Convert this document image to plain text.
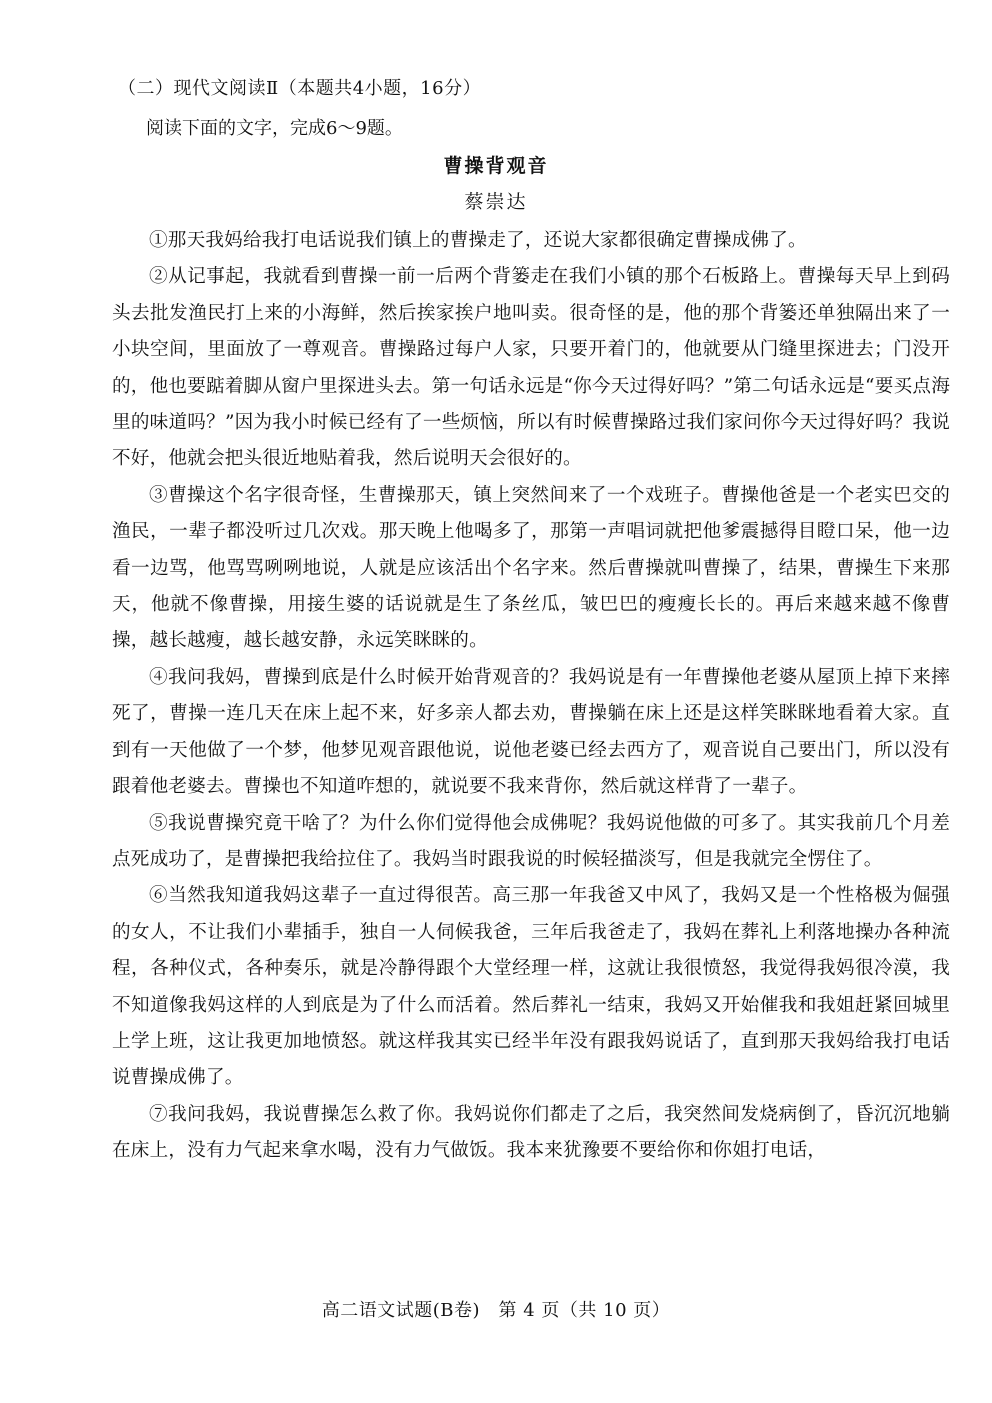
（二）现代文阅读Ⅱ（本题共4小题，16分）
阅读下面的文字，完成6～9题。
曹操背观音
蔡崇达

①那天我妈给我打电话说我们镇上的曹操走了，还说大家都很确定曹操成佛了。

②从记事起，我就看到曹操一前一后两个背篓走在我们小镇的那个石板路上。曹操每天早上到码头去批发渔民打上来的小海鲜，然后挨家挨户地叫卖。很奇怪的是，他的那个背篓还单独隔出来了一小块空间，里面放了一尊观音。曹操路过每户人家，只要开着门的，他就要从门缝里探进去；门没开的，他也要踮着脚从窗户里探进头去。第一句话永远是“你今天过得好吗？”第二句话永远是“要买点海里的味道吗？”因为我小时候已经有了一些烦恼，所以有时候曹操路过我们家问你今天过得好吗？我说不好，他就会把头很近地贴着我，然后说明天会很好的。

③曹操这个名字很奇怪，生曹操那天，镇上突然间来了一个戏班子。曹操他爸是一个老实巴交的渔民，一辈子都没听过几次戏。那天晚上他喝多了，那第一声唱词就把他爹震撼得目瞪口呆，他一边看一边骂，他骂骂咧咧地说，人就是应该活出个名字来。然后曹操就叫曹操了，结果，曹操生下来那天，他就不像曹操，用接生婆的话说就是生了条丝瓜，皱巴巴的瘦瘦长长的。再后来越来越不像曹操，越长越瘦，越长越安静，永远笑眯眯的。

④我问我妈，曹操到底是什么时候开始背观音的？我妈说是有一年曹操他老婆从屋顶上掉下来摔死了，曹操一连几天在床上起不来，好多亲人都去劝，曹操躺在床上还是这样笑眯眯地看着大家。直到有一天他做了一个梦，他梦见观音跟他说，说他老婆已经去西方了，观音说自己要出门，所以没有跟着他老婆去。曹操也不知道咋想的，就说要不我来背你，然后就这样背了一辈子。

⑤我说曹操究竟干啥了？为什么你们觉得他会成佛呢？我妈说他做的可多了。其实我前几个月差点死成功了，是曹操把我给拉住了。我妈当时跟我说的时候轻描淡写，但是我就完全愣住了。

⑥当然我知道我妈这辈子一直过得很苦。高三那一年我爸又中风了，我妈又是一个性格极为倔强的女人，不让我们小辈插手，独自一人伺候我爸，三年后我爸走了，我妈在葬礼上利落地操办各种流程，各种仪式，各种奏乐，就是冷静得跟个大堂经理一样，这就让我很愤怒，我觉得我妈很冷漠，我不知道像我妈这样的人到底是为了什么而活着。然后葬礼一结束，我妈又开始催我和我姐赶紧回城里上学上班，这让我更加地愤怒。就这样我其实已经半年没有跟我妈说话了，直到那天我妈给我打电话说曹操成佛了。

⑦我问我妈，我说曹操怎么救了你。我妈说你们都走了之后，我突然间发烧病倒了，昏沉沉地躺在床上，没有力气起来拿水喝，没有力气做饭。我本来犹豫要不要给你和你姐打电话，

高二语文试题(B卷)　第 4 页（共 10 页）
